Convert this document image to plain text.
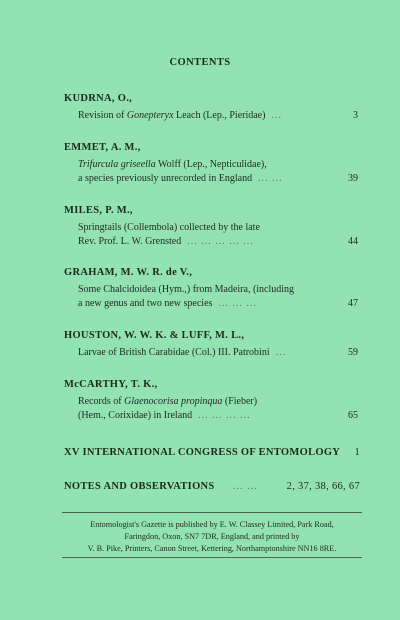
CONTENTS
KUDRNA, O.,
Revision of Gonepteryx Leach (Lep., Pieridae) ...	3
EMMET, A. M.,
Trifurcula griseella Wolff (Lep., Nepticulidae),
a species previously unrecorded in England ... ...	39
MILES, P. M.,
Springtails (Collembola) collected by the late
Rev. Prof. L. W. Grensted ... ... ... ... ...	44
GRAHAM, M. W. R. de V.,
Some Chalcidoidea (Hym.,) from Madeira, (including
a new genus and two new species ... ... ...	47
HOUSTON, W. W. K. & LUFF, M. L.,
Larvae of British Carabidae (Col.) III. Patrobini ...	59
McCARTHY, T. K.,
Records of Glaenocorisa propinqua (Fieber)
(Hem., Corixidae) in Ireland ... ... ... ...	65
XV INTERNATIONAL CONGRESS OF ENTOMOLOGY 1
NOTES AND OBSERVATIONS ... ...	2, 37, 38, 66, 67
Entomologist's Gazette is published by E. W. Classey Limited, Park Road,
Faringdon, Oxon, SN7 7DR, England, and printed by
V. B. Pike, Printers, Canon Street, Kettering, Northamptonshire NN16 8RE.
